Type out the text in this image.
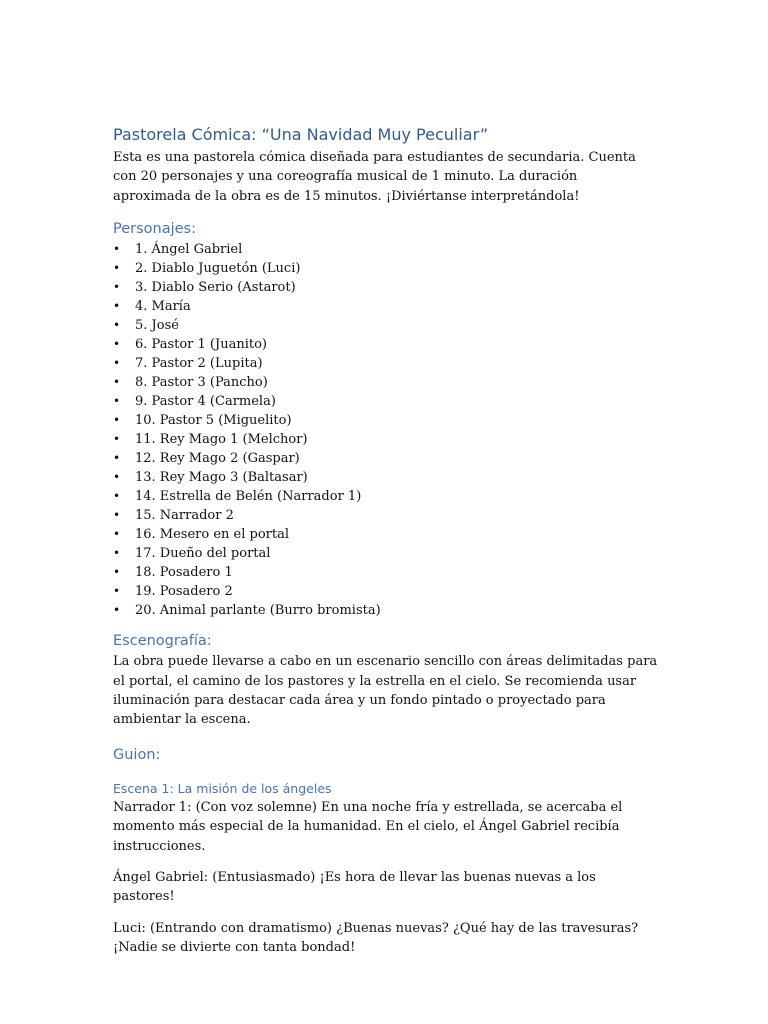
Pastorela Cómica: “Una Navidad Muy Peculiar”

Esta es una pastorela cómica diseñada para estudiantes de secundaria. Cuenta con 20 personajes y una coreografía musical de 1 minuto. La duración aproximada de la obra es de 15 minutos. ¡Diviértanse interpretándola!

Personajes:
• 1. Ángel Gabriel
• 2. Diablo Juguetón (Luci)
• 3. Diablo Serio (Astarot)
• 4. María
• 5. José
• 6. Pastor 1 (Juanito)
• 7. Pastor 2 (Lupita)
• 8. Pastor 3 (Pancho)
• 9. Pastor 4 (Carmela)
• 10. Pastor 5 (Miguelito)
• 11. Rey Mago 1 (Melchor)
• 12. Rey Mago 2 (Gaspar)
• 13. Rey Mago 3 (Baltasar)
• 14. Estrella de Belén (Narrador 1)
• 15. Narrador 2
• 16. Mesero en el portal
• 17. Dueño del portal
• 18. Posadero 1
• 19. Posadero 2
• 20. Animal parlante (Burro bromista)
Escenografía:

La obra puede llevarse a cabo en un escenario sencillo con áreas delimitadas para el portal, el camino de los pastores y la estrella en el cielo. Se recomienda usar iluminación para destacar cada área y un fondo pintado o proyectado para ambientar la escena.

Guion:
Escena 1: La misión de los ángeles

Narrador 1: (Con voz solemne) En una noche fría y estrellada, se acercaba el momento más especial de la humanidad. En el cielo, el Ángel Gabriel recibía instrucciones.

Ángel Gabriel: (Entusiasmado) ¡Es hora de llevar las buenas nuevas a los pastores!

Luci: (Entrando con dramatismo) ¿Buenas nuevas? ¿Qué hay de las travesuras? ¡Nadie se divierte con tanta bondad!
